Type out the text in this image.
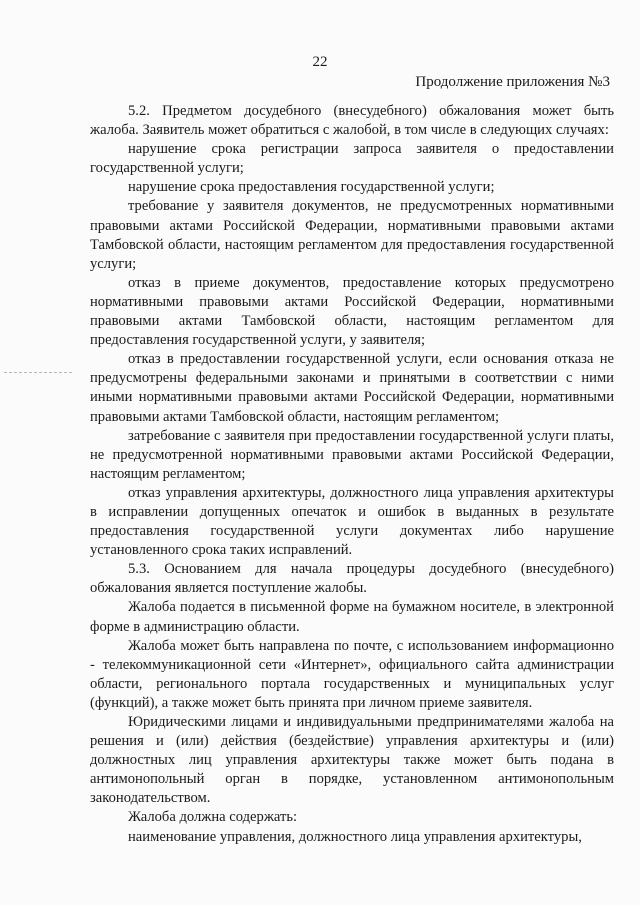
22
Продолжение приложения №3

5.2. Предметом досудебного (внесудебного) обжалования может быть жалоба. Заявитель может обратиться с жалобой, в том числе в следующих случаях:

нарушение срока регистрации запроса заявителя о предоставлении государственной услуги;

нарушение срока предоставления государственной услуги;

требование у заявителя документов, не предусмотренных нормативными правовыми актами Российской Федерации, нормативными правовыми актами Тамбовской области, настоящим регламентом для предоставления государственной услуги;

отказ в приеме документов, предоставление которых предусмотрено нормативными правовыми актами Российской Федерации, нормативными правовыми актами Тамбовской области, настоящим регламентом для предоставления государственной услуги, у заявителя;

отказ в предоставлении государственной услуги, если основания отказа не предусмотрены федеральными законами и принятыми в соответствии с ними иными нормативными правовыми актами Российской Федерации, нормативными правовыми актами Тамбовской области, настоящим регламентом;

затребование с заявителя при предоставлении государственной услуги платы, не предусмотренной нормативными правовыми актами Российской Федерации, настоящим регламентом;

отказ управления архитектуры, должностного лица управления архитектуры в исправлении допущенных опечаток и ошибок в выданных в результате предоставления государственной услуги документах либо нарушение установленного срока таких исправлений.

5.3. Основанием для начала процедуры досудебного (внесудебного) обжалования является поступление жалобы.

Жалоба подается в письменной форме на бумажном носителе, в электронной форме в администрацию области.

Жалоба может быть направлена по почте, с использованием информационно - телекоммуникационной сети «Интернет», официального сайта администрации области, регионального портала государственных и муниципальных услуг (функций), а также может быть принята при личном приеме заявителя.

Юридическими лицами и индивидуальными предпринимателями жалоба на решения и (или) действия (бездействие) управления архитектуры и (или) должностных лиц управления архитектуры также может быть подана в антимонопольный орган в порядке, установленном антимонопольным законодательством.

Жалоба должна содержать:

наименование управления, должностного лица управления архитектуры,
